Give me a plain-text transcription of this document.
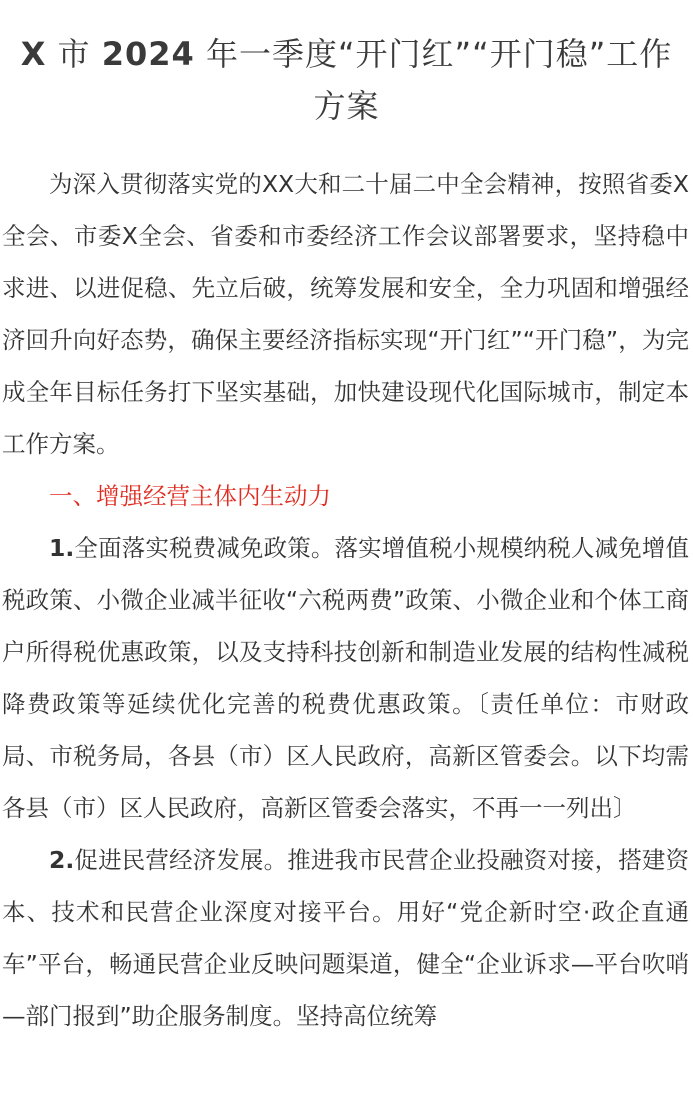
X 市 2024 年一季度“开门红”“开门稳”工作方案

为深入贯彻落实党的XX大和二十届二中全会精神，按照省委X全会、市委X全会、省委和市委经济工作会议部署要求，坚持稳中求进、以进促稳、先立后破，统筹发展和安全，全力巩固和增强经济回升向好态势，确保主要经济指标实现“开门红”“开门稳”，为完成全年目标任务打下坚实基础，加快建设现代化国际城市，制定本工作方案。

一、增强经营主体内生动力

1.全面落实税费减免政策。落实增值税小规模纳税人减免增值税政策、小微企业减半征收“六税两费”政策、小微企业和个体工商户所得税优惠政策，以及支持科技创新和制造业发展的结构性减税降费政策等延续优化完善的税费优惠政策。〔责任单位：市财政局、市税务局，各县（市）区人民政府，高新区管委会。以下均需各县（市）区人民政府，高新区管委会落实，不再一一列出〕

2.促进民营经济发展。推进我市民营企业投融资对接，搭建资本、技术和民营企业深度对接平台。用好“党企新时空·政企直通车”平台，畅通民营企业反映问题渠道，健全“企业诉求—平台吹哨—部门报到”助企服务制度。坚持高位统筹
